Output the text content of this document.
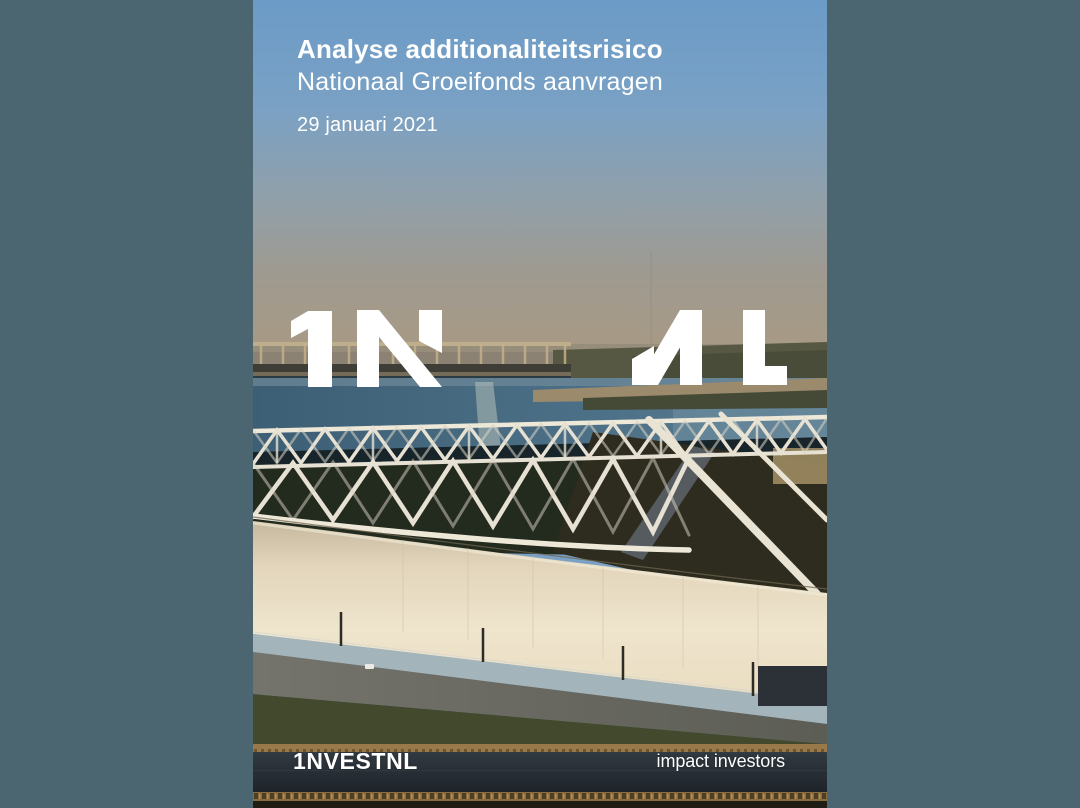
Analyse additionaliteitsrisico
Nationaal Groeifonds aanvragen
29 januari 2021
1NVESTNL	impact investors
